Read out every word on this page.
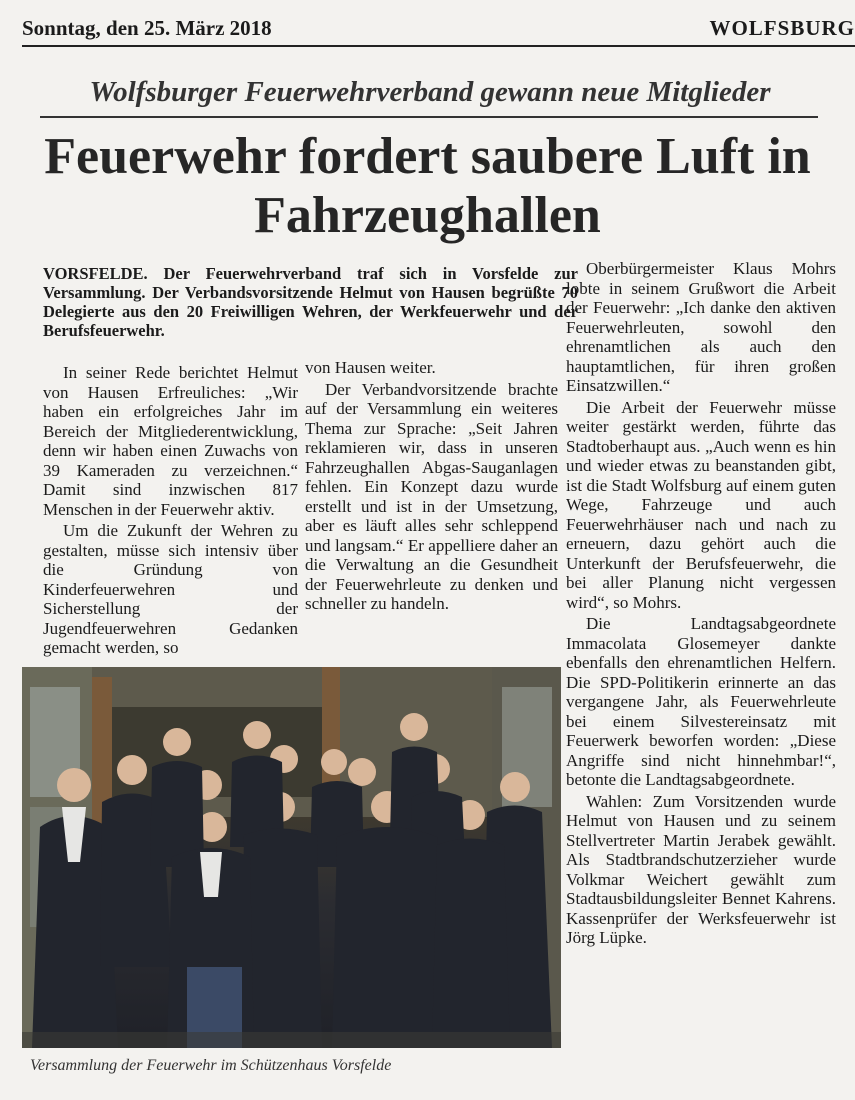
Sonntag, den 25. März 2018	WOLFSBURG
Wolfsburger Feuerwehrverband gewann neue Mitglieder
Feuerwehr fordert saubere Luft in Fahrzeughallen
VORSFELDE. Der Feuerwehrverband traf sich in Vorsfelde zur Versammlung. Der Verbandsvorsitzende Helmut von Hausen begrüßte 70 Delegierte aus den 20 Freiwilligen Wehren, der Werkfeuerwehr und der Berufsfeuerwehr.

In seiner Rede berichtet Helmut von Hausen Erfreuliches: „Wir haben ein erfolgreiches Jahr im Bereich der Mitgliederentwicklung, denn wir haben einen Zuwachs von 39 Kameraden zu verzeichnen.“ Damit sind inzwischen 817 Menschen in der Feuerwehr aktiv.

Um die Zukunft der Wehren zu gestalten, müsse sich intensiv über die Gründung von Kinderfeuerwehren und Sicherstellung der Jugendfeuerwehren Gedanken gemacht werden, so

von Hausen weiter.

Der Verbandvorsitzende brachte auf der Versammlung ein weiteres Thema zur Sprache: „Seit Jahren reklamieren wir, dass in unseren Fahrzeughallen Abgas-Sauganlagen fehlen. Ein Konzept dazu wurde erstellt und ist in der Umsetzung, aber es läuft alles sehr schleppend und langsam.“ Er appelliere daher an die Verwaltung an die Gesundheit der Feuerwehrleute zu denken und schneller zu handeln.

Oberbürgermeister Klaus Mohrs lobte in seinem Grußwort die Arbeit der Feuerwehr: „Ich danke den aktiven Feuerwehrleuten, sowohl den ehrenamtlichen als auch den hauptamtlichen, für ihren großen Einsatzwillen.“

Die Arbeit der Feuerwehr müsse weiter gestärkt werden, führte das Stadtoberhaupt aus. „Auch wenn es hin und wieder etwas zu beanstanden gibt, ist die Stadt Wolfsburg auf einem guten Wege, Fahrzeuge und auch Feuerwehrhäuser nach und nach zu erneuern, dazu gehört auch die Unterkunft der Berufsfeuerwehr, die bei aller Planung nicht vergessen wird“, so Mohrs.

Die Landtagsabgeordnete Immacolata Glosemeyer dankte ebenfalls den ehrenamtlichen Helfern. Die SPD-Politikerin erinnerte an das vergangene Jahr, als Feuerwehrleute bei einem Silvestereinsatz mit Feuerwerk beworfen worden: „Diese Angriffe sind nicht hinnehmbar!“, betonte die Landtagsabgeordnete.

Wahlen: Zum Vorsitzenden wurde Helmut von Hausen und zu seinem Stellvertreter Martin Jerabek gewählt. Als Stadtbrandschutzerzieher wurde Volkmar Weichert gewählt zum Stadtausbildungsleiter Bennet Kahrens. Kassenprüfer der Werksfeuerwehr ist Jörg Lüpke.

Versammlung der Feuerwehr im Schützenhaus Vorsfelde
